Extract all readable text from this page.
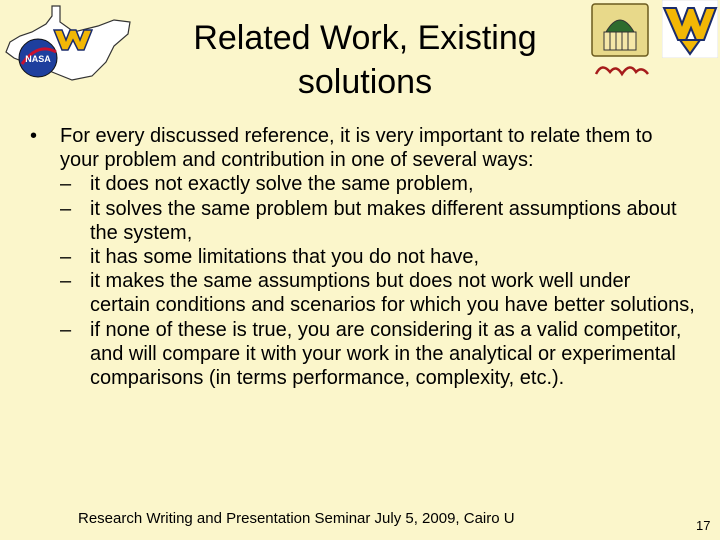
NASA
Related Work, Existing
solutions
• For every discussed reference, it is very important to relate them to your problem and contribution in one of several ways:
– it does not exactly solve the same problem,
– it solves the same problem but makes different assumptions about the system,
– it has some limitations that you do not have,
– it makes the same assumptions but does not work well under certain conditions and scenarios for which you have better solutions,
– if none of these is true, you are considering it as a valid competitor, and will compare it with your work in the analytical or experimental comparisons (in terms performance, complexity, etc.).
Research Writing and Presentation Seminar July 5, 2009, Cairo U	17
